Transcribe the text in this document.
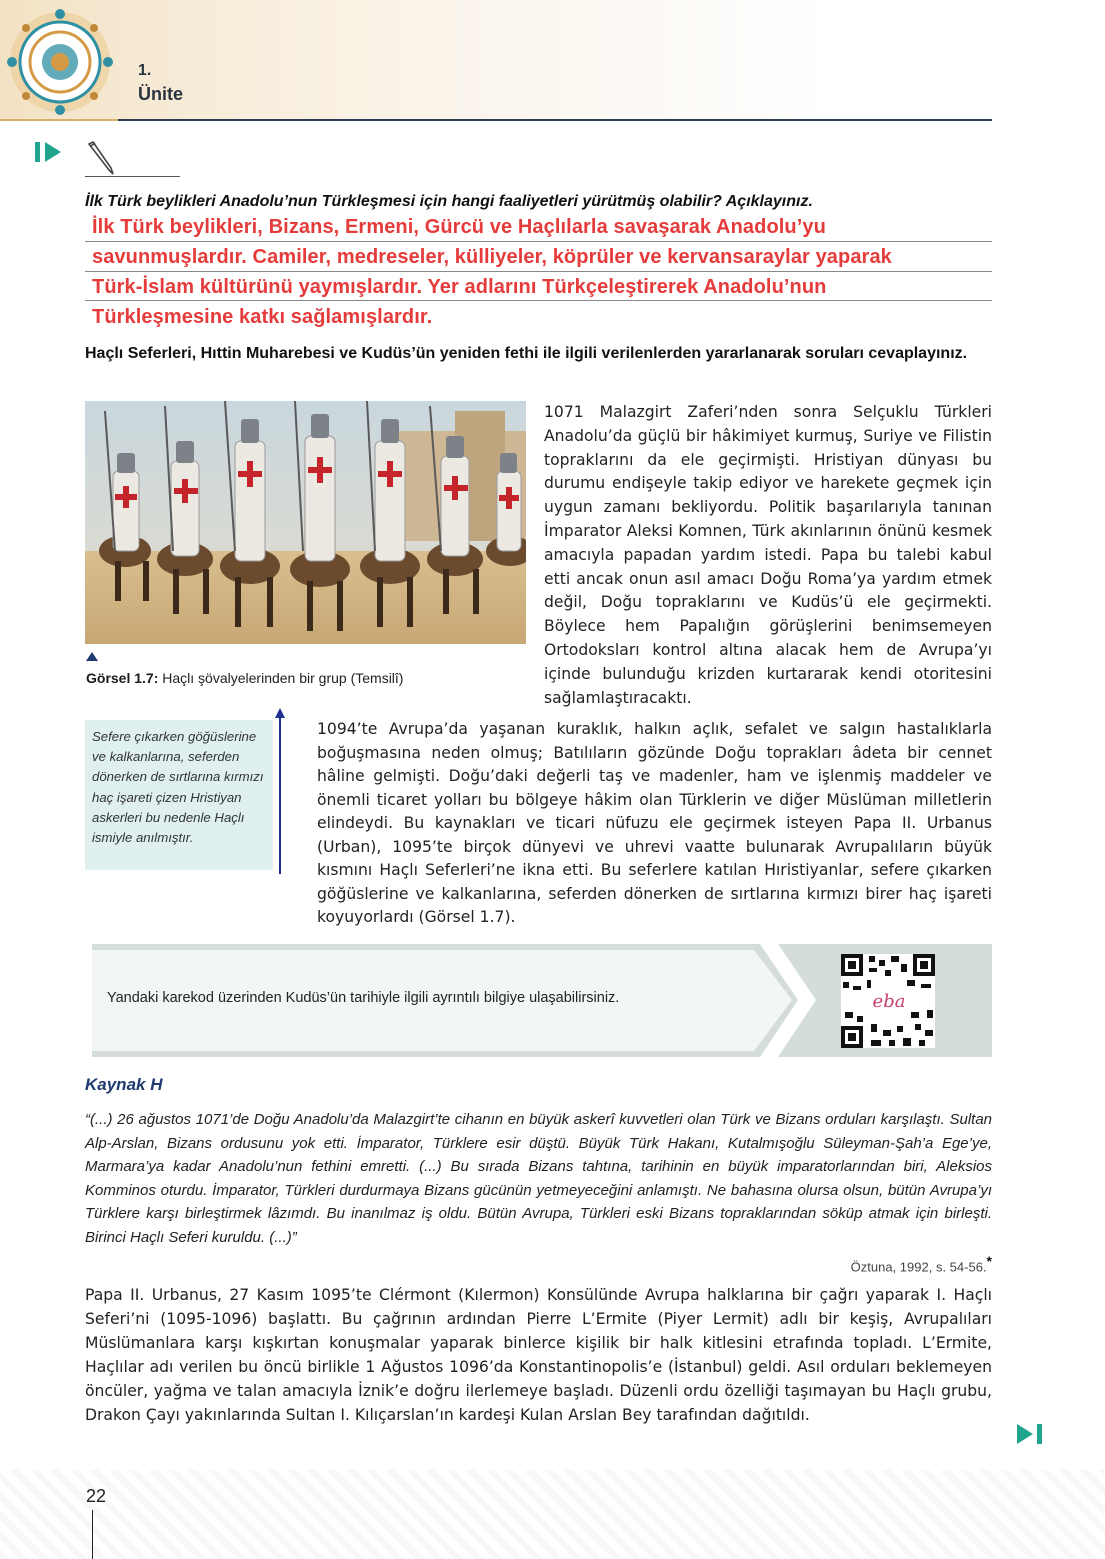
1.
Ünite
İlk Türk beylikleri Anadolu’nun Türkleşmesi için hangi faaliyetleri yürütmüş olabilir? Açıklayınız.
İlk Türk beylikleri, Bizans, Ermeni, Gürcü ve Haçlılarla savaşarak Anadolu’yu
savunmuşlardır. Camiler, medreseler, külliyeler, köprüler ve kervansaraylar yaparak
Türk-İslam kültürünü yaymışlardır. Yer adlarını Türkçeleştirerek Anadolu’nun
Türkleşmesine katkı sağlamışlardır.
Haçlı Seferleri, Hıttin Muharebesi ve Kudüs’ün yeniden fethi ile ilgili verilenlerden yararlanarak soruları cevaplayınız.
Görsel 1.7: Haçlı şövalyelerinden bir grup (Temsilî)
1071 Malazgirt Zaferi’nden sonra Selçuklu Türkleri Anadolu’da güçlü bir hâkimiyet kurmuş, Suriye ve Filistin topraklarını da ele geçirmişti. Hristiyan dünyası bu durumu endişeyle takip ediyor ve harekete geçmek için uygun zamanı bekliyordu. Politik başarılarıyla tanınan İmparator Aleksi Komnen, Türk akınlarının önünü kesmek amacıyla papadan yardım istedi. Papa bu talebi kabul etti ancak onun asıl amacı Doğu Roma’ya yardım etmek değil, Doğu topraklarını ve Kudüs’ü ele geçirmekti. Böylece hem Papalığın görüşlerini benimsemeyen Ortodoksları kontrol altına alacak hem de Avrupa’yı içinde bulunduğu krizden kurtararak kendi otoritesini sağlamlaştıracaktı.
Sefere çıkarken göğüslerine ve kalkanlarına, seferden dönerken de sırtlarına kırmızı haç işareti çizen Hristiyan askerleri bu nedenle Haçlı ismiyle anılmıştır.
1094’te Avrupa’da yaşanan kuraklık, halkın açlık, sefalet ve salgın hastalıklarla boğuşmasına neden olmuş; Batılıların gözünde Doğu toprakları âdeta bir cennet hâline gelmişti. Doğu’daki değerli taş ve madenler, ham ve işlenmiş maddeler ve önemli ticaret yolları bu bölgeye hâkim olan Türklerin ve diğer Müslüman milletlerin elindeydi. Bu kaynakları ve ticari nüfuzu ele geçirmek isteyen Papa II. Urbanus (Urban), 1095’te birçok dünyevi ve uhrevi vaatte bulunarak Avrupalıların büyük kısmını Haçlı Seferleri’ne ikna etti. Bu seferlere katılan Hıristiyanlar, sefere çıkarken göğüslerine ve kalkanlarına, seferden dönerken de sırtlarına kırmızı birer haç işareti koyuyorlardı (Görsel 1.7).
Yandaki karekod üzerinden Kudüs’ün tarihiyle ilgili ayrıntılı bilgiye ulaşabilirsiniz.	eba
Kaynak H
“(...) 26 ağustos 1071’de Doğu Anadolu’da Malazgirt’te cihanın en büyük askerî kuvvetleri olan Türk ve Bizans orduları karşılaştı. Sultan Alp-Arslan, Bizans ordusunu yok etti. İmparator, Türklere esir düştü. Büyük Türk Hakanı, Kutalmışoğlu Süleyman-Şah’a Ege’ye, Marmara’ya kadar Anadolu’nun fethini emretti. (...) Bu sırada Bizans tahtına, tarihinin en büyük imparatorlarından biri, Aleksios Komminos oturdu. İmparator, Türkleri durdurmaya Bizans gücünün yetmeyeceğini anlamıştı. Ne bahasına olursa olsun, bütün Avrupa’yı Türklere karşı birleştirmek lâzımdı. Bu inanılmaz iş oldu. Bütün Avrupa, Türkleri eski Bizans topraklarından söküp atmak için birleşti. Birinci Haçlı Seferi kuruldu. (...)”
Öztuna, 1992, s. 54-56.*
Papa II. Urbanus, 27 Kasım 1095’te Clérmont (Kılermon) Konsülünde Avrupa halklarına bir çağrı yaparak I. Haçlı Seferi’ni (1095-1096) başlattı. Bu çağrının ardından Pierre L’Ermite (Piyer Lermit) adlı bir keşiş, Avrupalıları Müslümanlara karşı kışkırtan konuşmalar yaparak binlerce kişilik bir halk kitlesini etrafında topladı. L’Ermite, Haçlılar adı verilen bu öncü birlikle 1 Ağustos 1096’da Konstantinopolis’e (İstanbul) geldi. Asıl orduları beklemeyen öncüler, yağma ve talan amacıyla İznik’e doğru ilerlemeye başladı. Düzenli ordu özelliği taşımayan bu Haçlı grubu, Drakon Çayı yakınlarında Sultan I. Kılıçarslan’ın kardeşi Kulan Arslan Bey tarafından dağıtıldı.
22
